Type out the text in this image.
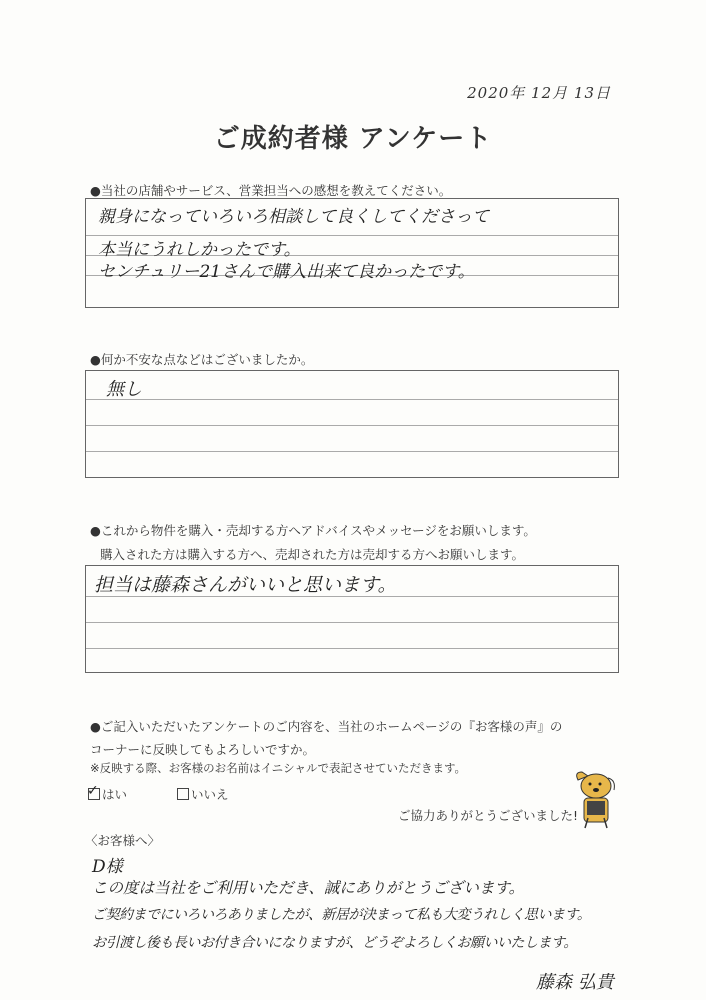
2020年 12月 13日
ご成約者様 アンケート
●当社の店舗やサービス、営業担当への感想を教えてください。
親身になっていろいろ相談して良くしてくださって
本当にうれしかったです。
センチュリー21さんで購入出来て良かったです。
●何か不安な点などはございましたか。
無し
●これから物件を購入・売却する方へアドバイスやメッセージをお願いします。
購入された方は購入する方へ、売却された方は売却する方へお願いします。
担当は藤森さんがいいと思います。
●ご記入いただいたアンケートのご内容を、当社のホームページの『お客様の声』の
コーナーに反映してもよろしいですか。
※反映する際、お客様のお名前はイニシャルで表記させていただきます。
✓ はい	いいえ
ご協力ありがとうございました!
〈お客様へ〉
D様
この度は当社をご利用いただき、誠にありがとうございます。
ご契約までにいろいろありましたが、新居が決まって私も大変うれしく思います。
お引渡し後も長いお付き合いになりますが、どうぞよろしくお願いいたします。
藤森 弘貴
